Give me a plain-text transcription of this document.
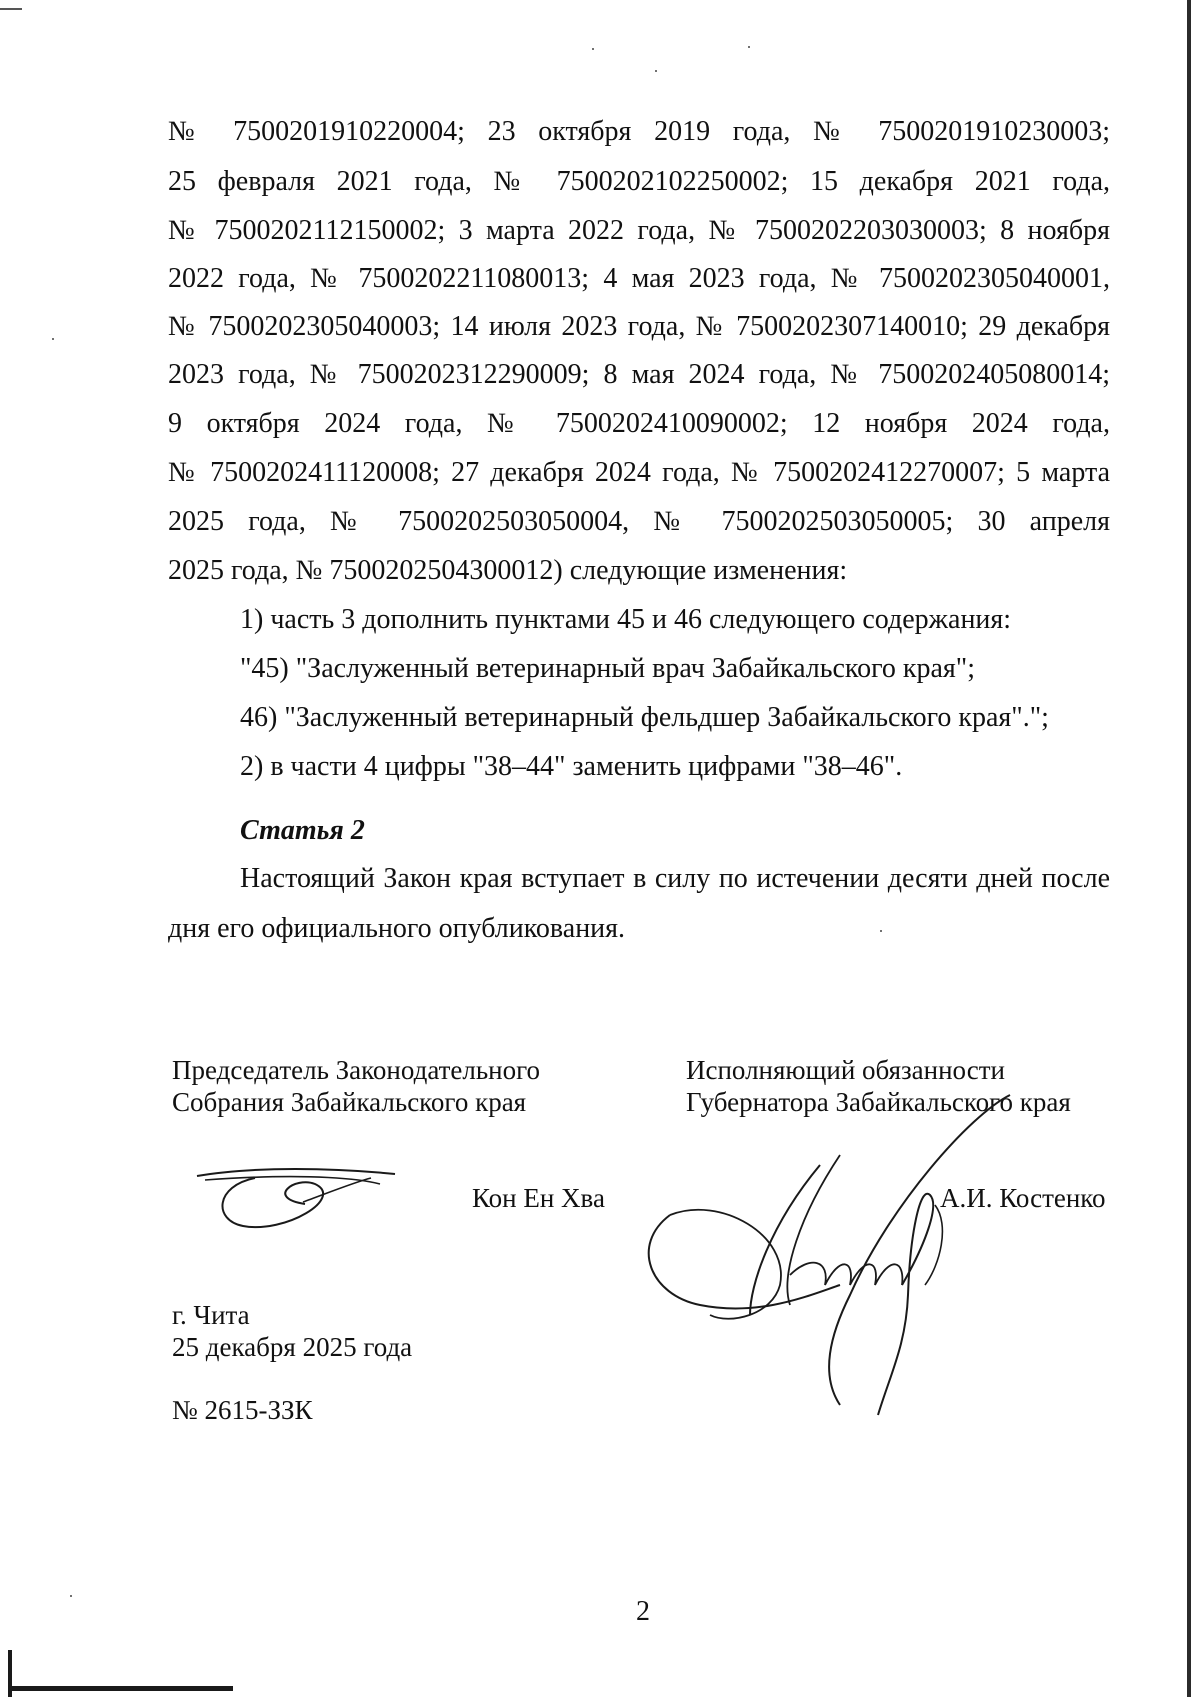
№ 7500201910220004; 23 октября 2019 года, № 7500201910230003;
25 февраля 2021 года, № 7500202102250002; 15 декабря 2021 года,
№ 7500202112150002; 3 марта 2022 года, № 7500202203030003; 8 ноября
2022 года, № 7500202211080013; 4 мая 2023 года, № 7500202305040001,
№ 7500202305040003; 14 июля 2023 года, № 7500202307140010; 29 декабря
2023 года, № 7500202312290009; 8 мая 2024 года, № 7500202405080014;
9 октября 2024 года, № 7500202410090002; 12 ноября 2024 года,
№ 7500202411120008; 27 декабря 2024 года, № 7500202412270007; 5 марта
2025 года, № 7500202503050004, № 7500202503050005; 30 апреля
2025 года, № 7500202504300012) следующие изменения:
1) часть 3 дополнить пунктами 45 и 46 следующего содержания:
"45) "Заслуженный ветеринарный врач Забайкальского края";
46) "Заслуженный ветеринарный фельдшер Забайкальского края".";
2) в части 4 цифры "38–44" заменить цифрами "38–46".
Статья 2
Настоящий Закон края вступает в силу по истечении десяти дней после
дня его официального опубликования.
Председатель Законодательного
Собрания Забайкальского края
Исполняющий обязанности
Губернатора Забайкальского края
Кон Ен Хва	А.И. Костенко
г. Чита
25 декабря 2025 года
№ 2615-ЗЗК
2
